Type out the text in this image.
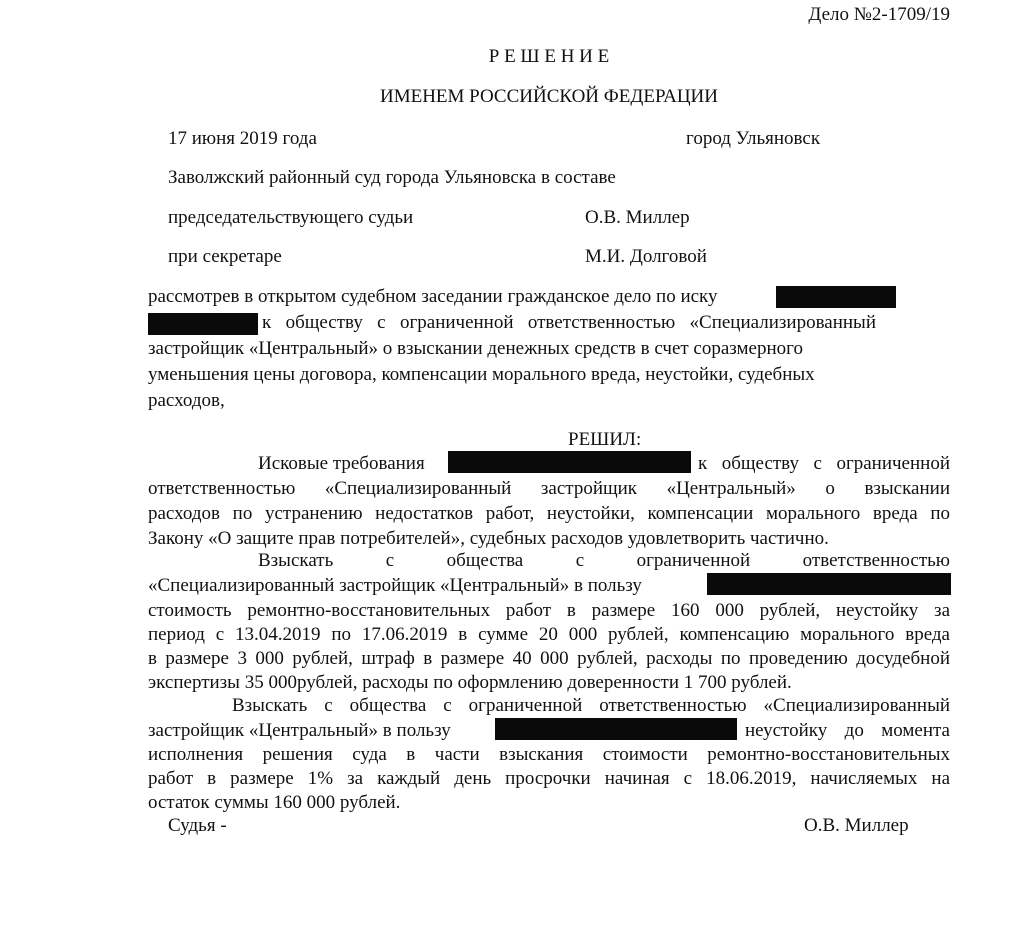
Дело №2-1709/19
Р Е Ш Е Н И Е
ИМЕНЕМ РОССИЙСКОЙ ФЕДЕРАЦИИ
17 июня 2019 года	город Ульяновск
Заволжский районный суд города Ульяновска в составе
председательствующего судьи	О.В. Миллер
при секретаре	М.И. Долговой
рассмотрев в открытом судебном заседании гражданское дело по иску
к обществу с ограниченной ответственностью «Специализированный
застройщик «Центральный» о взыскании денежных средств в счет соразмерного
уменьшения цены договора, компенсации морального вреда, неустойки, судебных
расходов,
РЕШИЛ:
Исковые требования	к обществу с ограниченной
ответственностью «Специализированный застройщик «Центральный» о взыскании
расходов по устранению недостатков работ, неустойки, компенсации морального вреда по
Закону «О защите прав потребителей», судебных расходов удовлетворить частично.
Взыскать с общества с ограниченной ответственностью
«Специализированный застройщик «Центральный» в пользу
стоимость ремонтно-восстановительных работ в размере 160 000 рублей, неустойку за
период с 13.04.2019 по 17.06.2019 в сумме 20 000 рублей, компенсацию морального вреда
в размере 3 000 рублей, штраф в размере 40 000 рублей, расходы по проведению досудебной
экспертизы 35 000рублей, расходы по оформлению доверенности 1 700 рублей.
Взыскать с общества с ограниченной ответственностью «Специализированный
застройщик «Центральный» в пользу	неустойку до момента
исполнения решения суда в части взыскания стоимости ремонтно-восстановительных
работ в размере 1% за каждый день просрочки начиная с 18.06.2019, начисляемых на
остаток суммы 160 000 рублей.
Судья -	О.В. Миллер
